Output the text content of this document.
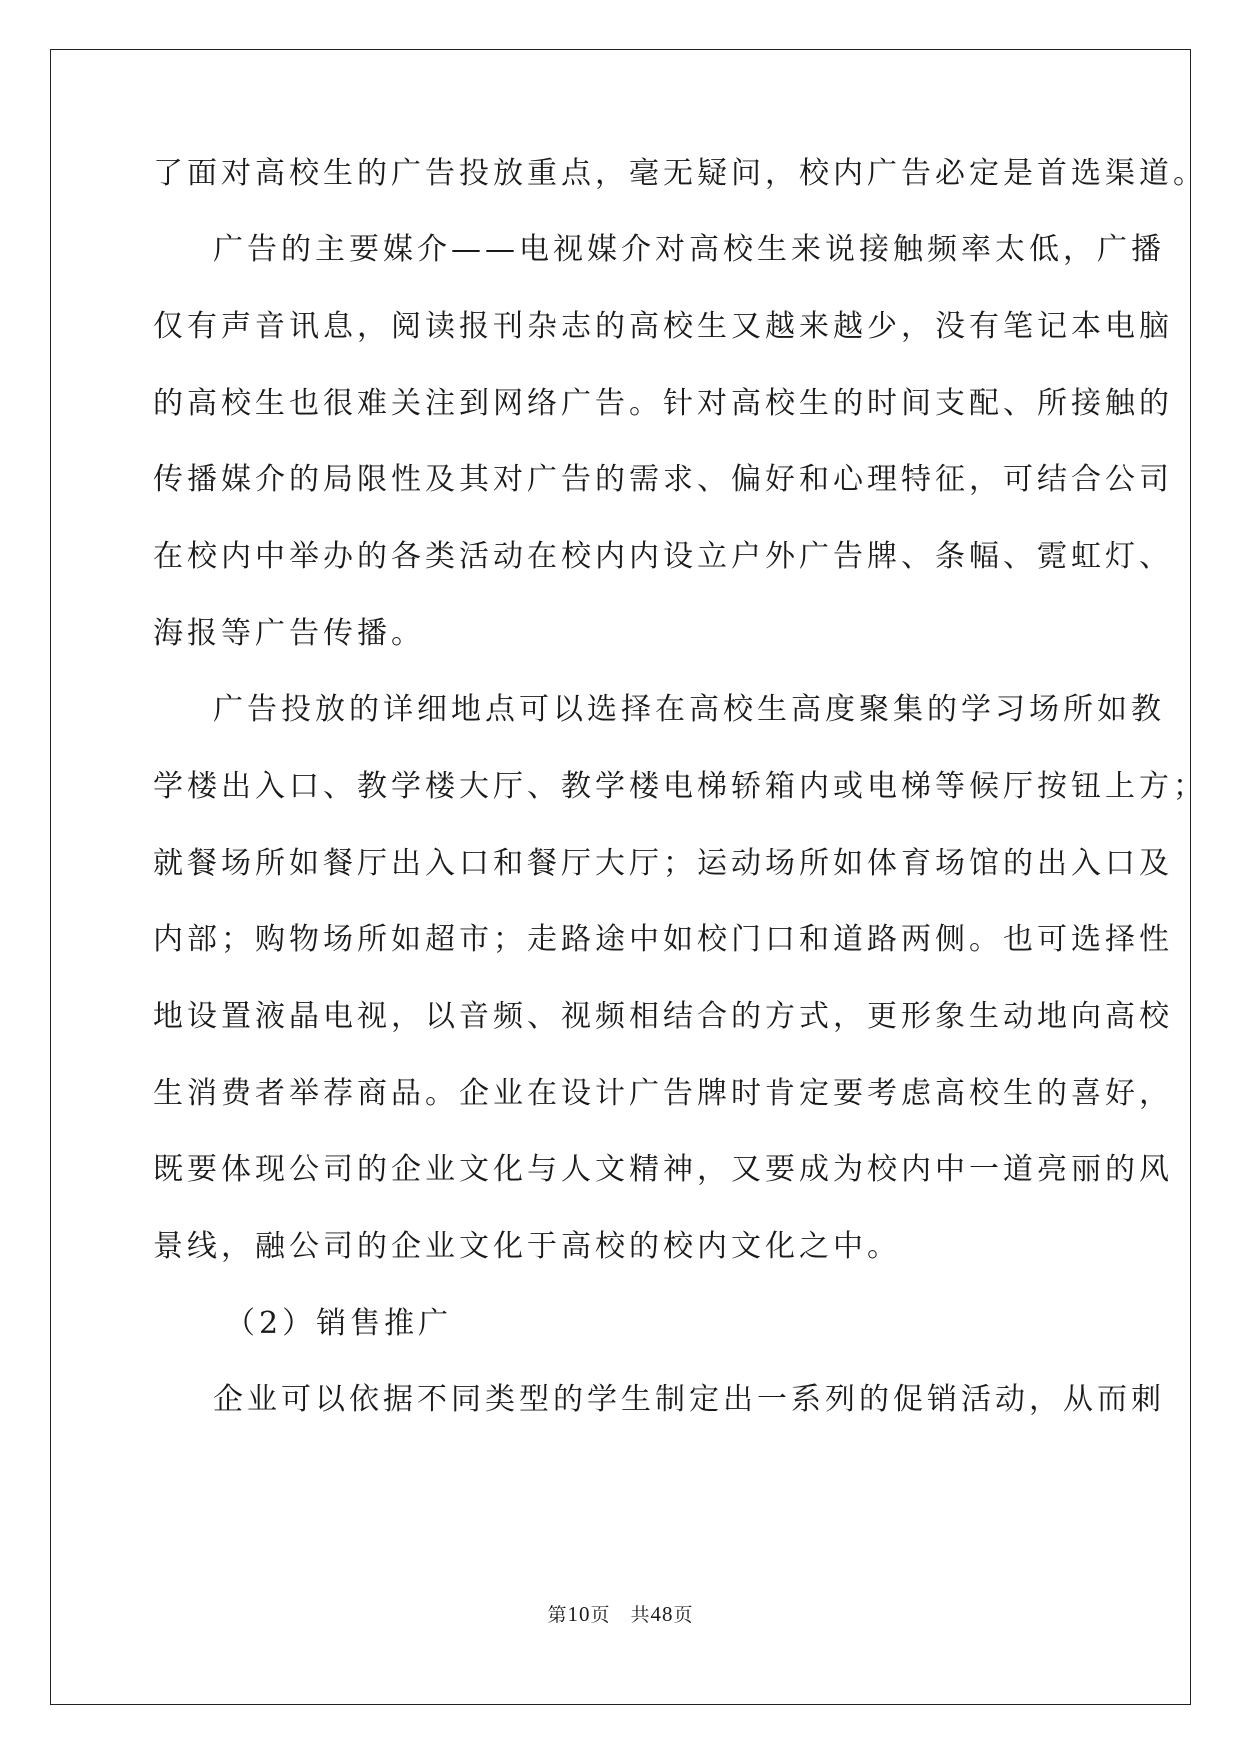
了面对高校生的广告投放重点，毫无疑问，校内广告必定是首选渠道。
广告的主要媒介——电视媒介对高校生来说接触频率太低，广播
仅有声音讯息，阅读报刊杂志的高校生又越来越少，没有笔记本电脑
的高校生也很难关注到网络广告。针对高校生的时间支配、所接触的
传播媒介的局限性及其对广告的需求、偏好和心理特征，可结合公司
在校内中举办的各类活动在校内内设立户外广告牌、条幅、霓虹灯、
海报等广告传播。
广告投放的详细地点可以选择在高校生高度聚集的学习场所如教
学楼出入口、教学楼大厅、教学楼电梯轿箱内或电梯等候厅按钮上方；
就餐场所如餐厅出入口和餐厅大厅；运动场所如体育场馆的出入口及
内部；购物场所如超市；走路途中如校门口和道路两侧。也可选择性
地设置液晶电视，以音频、视频相结合的方式，更形象生动地向高校
生消费者举荐商品。企业在设计广告牌时肯定要考虑高校生的喜好，
既要体现公司的企业文化与人文精神，又要成为校内中一道亮丽的风
景线，融公司的企业文化于高校的校内文化之中。
（2）销售推广
企业可以依据不同类型的学生制定出一系列的促销活动，从而刺
第10页　共48页
